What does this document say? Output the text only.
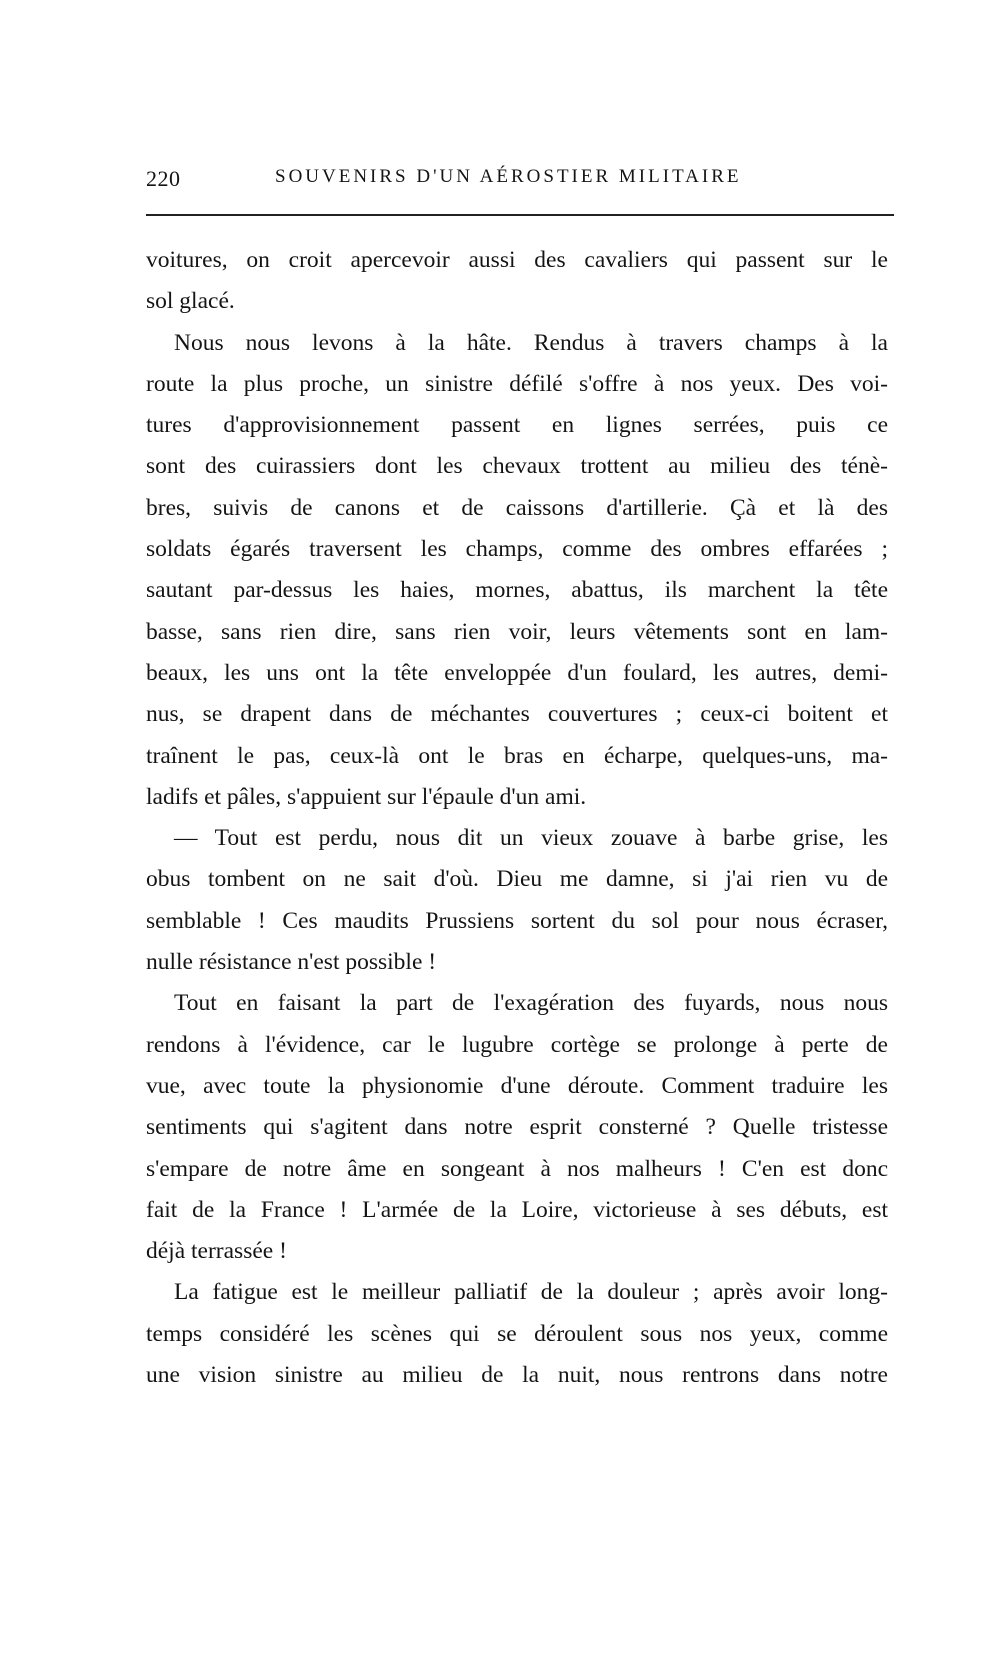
220	SOUVENIRS D'UN AÉROSTIER MILITAIRE
voitures, on croit apercevoir aussi des cavaliers qui passent sur le
sol glacé.
Nous nous levons à la hâte. Rendus à travers champs à la
route la plus proche, un sinistre défilé s'offre à nos yeux. Des voi-
tures d'approvisionnement passent en lignes serrées, puis ce
sont des cuirassiers dont les chevaux trottent au milieu des ténè-
bres, suivis de canons et de caissons d'artillerie. Çà et là des
soldats égarés traversent les champs, comme des ombres effarées ;
sautant par-dessus les haies, mornes, abattus, ils marchent la tête
basse, sans rien dire, sans rien voir, leurs vêtements sont en lam-
beaux, les uns ont la tête enveloppée d'un foulard, les autres, demi-
nus, se drapent dans de méchantes couvertures ; ceux-ci boitent et
traînent le pas, ceux-là ont le bras en écharpe, quelques-uns, ma-
ladifs et pâles, s'appuient sur l'épaule d'un ami.
— Tout est perdu, nous dit un vieux zouave à barbe grise, les
obus tombent on ne sait d'où. Dieu me damne, si j'ai rien vu de
semblable ! Ces maudits Prussiens sortent du sol pour nous écraser,
nulle résistance n'est possible !
Tout en faisant la part de l'exagération des fuyards, nous nous
rendons à l'évidence, car le lugubre cortège se prolonge à perte de
vue, avec toute la physionomie d'une déroute. Comment traduire les
sentiments qui s'agitent dans notre esprit consterné ? Quelle tristesse
s'empare de notre âme en songeant à nos malheurs ! C'en est donc
fait de la France ! L'armée de la Loire, victorieuse à ses débuts, est
déjà terrassée !
La fatigue est le meilleur palliatif de la douleur ; après avoir long-
temps considéré les scènes qui se déroulent sous nos yeux, comme
une vision sinistre au milieu de la nuit, nous rentrons dans notre
